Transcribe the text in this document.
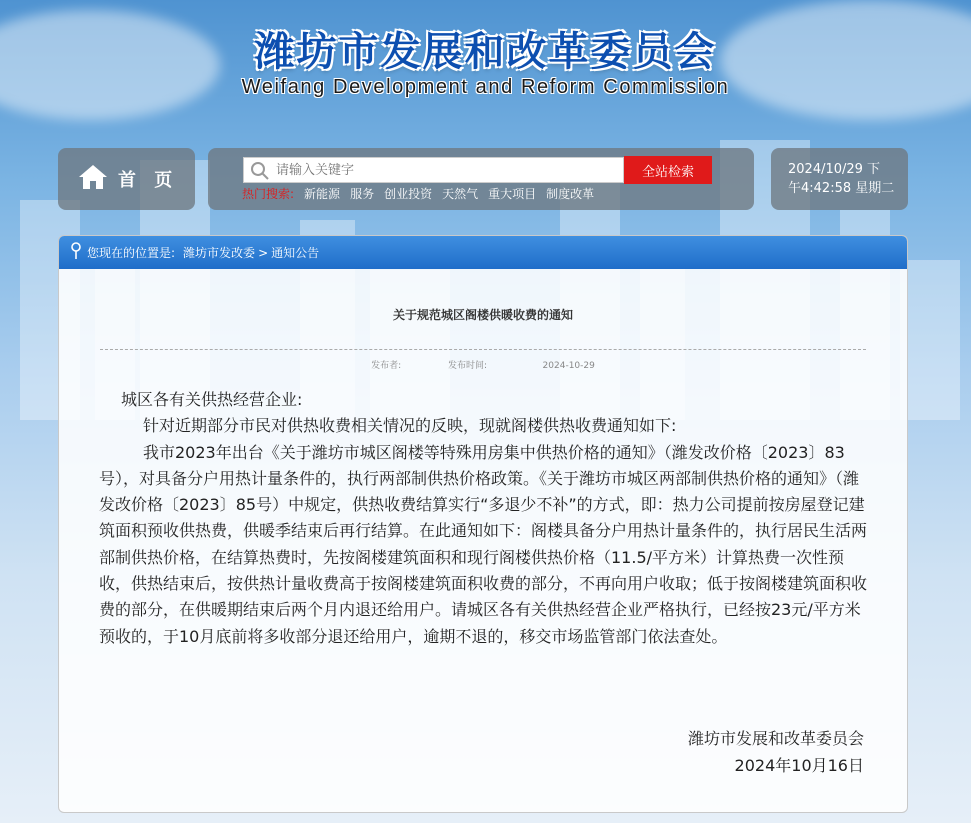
潍坊市发展和改革委员会
Weifang Development and Reform Commission
首 页
请输入关键字	全站检索
热门搜索: 新能源 服务 创业投资 天然气 重大项目 制度改革
2024/10/29 下
午4:42:58 星期二
您现在的位置是: 潍坊市发改委 > 通知公告
关于规范城区阁楼供暖收费的通知
发布者:	发布时间:	2024-10-29

城区各有关供热经营企业:

针对近期部分市民对供热收费相关情况的反映，现就阁楼供热收费通知如下:

我市2023年出台《关于潍坊市城区阁楼等特殊用房集中供热价格的通知》（潍发改价格〔2023〕83号），对具备分户用热计量条件的，执行两部制供热价格政策。《关于潍坊市城区两部制供热价格的通知》（潍发改价格〔2023〕85号）中规定，供热收费结算实行“多退少不补”的方式，即：热力公司提前按房屋登记建筑面积预收供热费，供暖季结束后再行结算。在此通知如下：阁楼具备分户用热计量条件的，执行居民生活两部制供热价格，在结算热费时，先按阁楼建筑面积和现行阁楼供热价格（11.5/平方米）计算热费一次性预收，供热结束后，按供热计量收费高于按阁楼建筑面积收费的部分，不再向用户收取；低于按阁楼建筑面积收费的部分，在供暖期结束后两个月内退还给用户。请城区各有关供热经营企业严格执行，已经按23元/平方米预收的，于10月底前将多收部分退还给用户，逾期不退的，移交市场监管部门依法查处。

潍坊市发展和改革委员会
2024年10月16日
